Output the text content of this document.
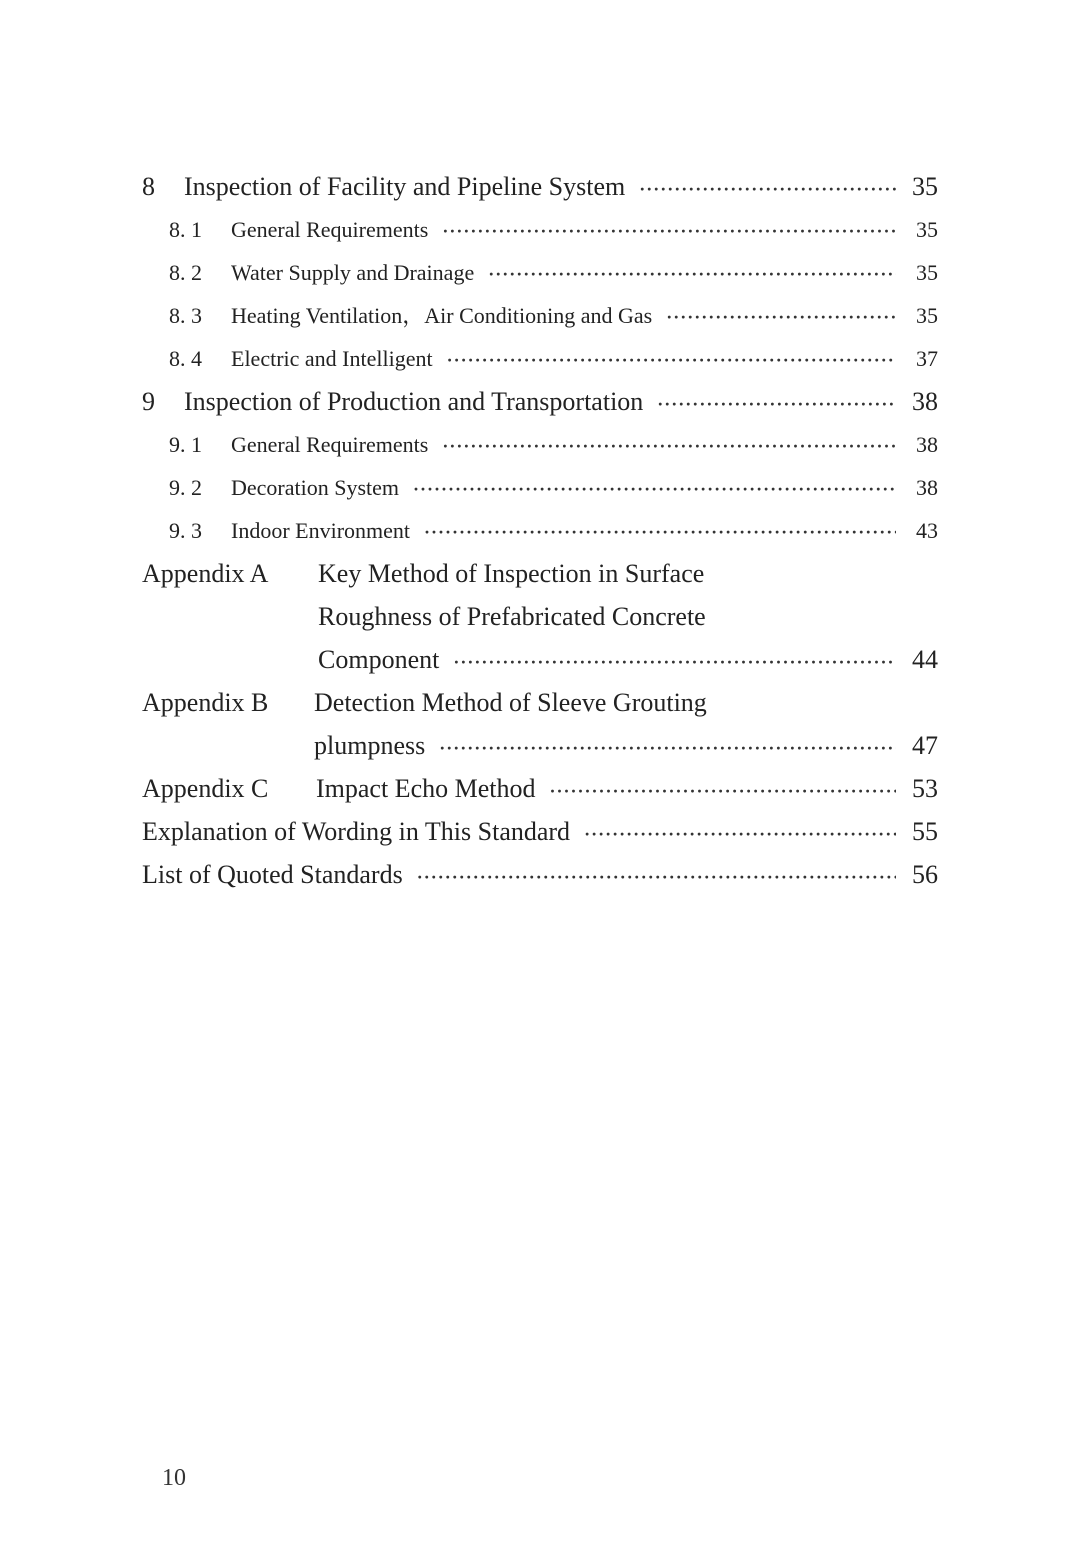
8	Inspection of Facility and Pipeline System ·····	35
8. 1	General Requirements ·····	35
8. 2	Water Supply and Drainage ·····	35
8. 3	Heating Ventilation，Air Conditioning and Gas ·····	35
8. 4	Electric and Intelligent ·····	37
9	Inspection of Production and Transportation ·····	38
9. 1	General Requirements ·····	38
9. 2	Decoration System ·····	38
9. 3	Indoor Environment ·····	43
Appendix A	Key Method of Inspection in Surface
Roughness of Prefabricated Concrete
Component ·····	44
Appendix B	Detection Method of Sleeve Grouting
plumpness ·····	47
Appendix C	Impact Echo Method ·····	53
Explanation of Wording in This Standard ·····	55
List of Quoted Standards ·····	56
10
